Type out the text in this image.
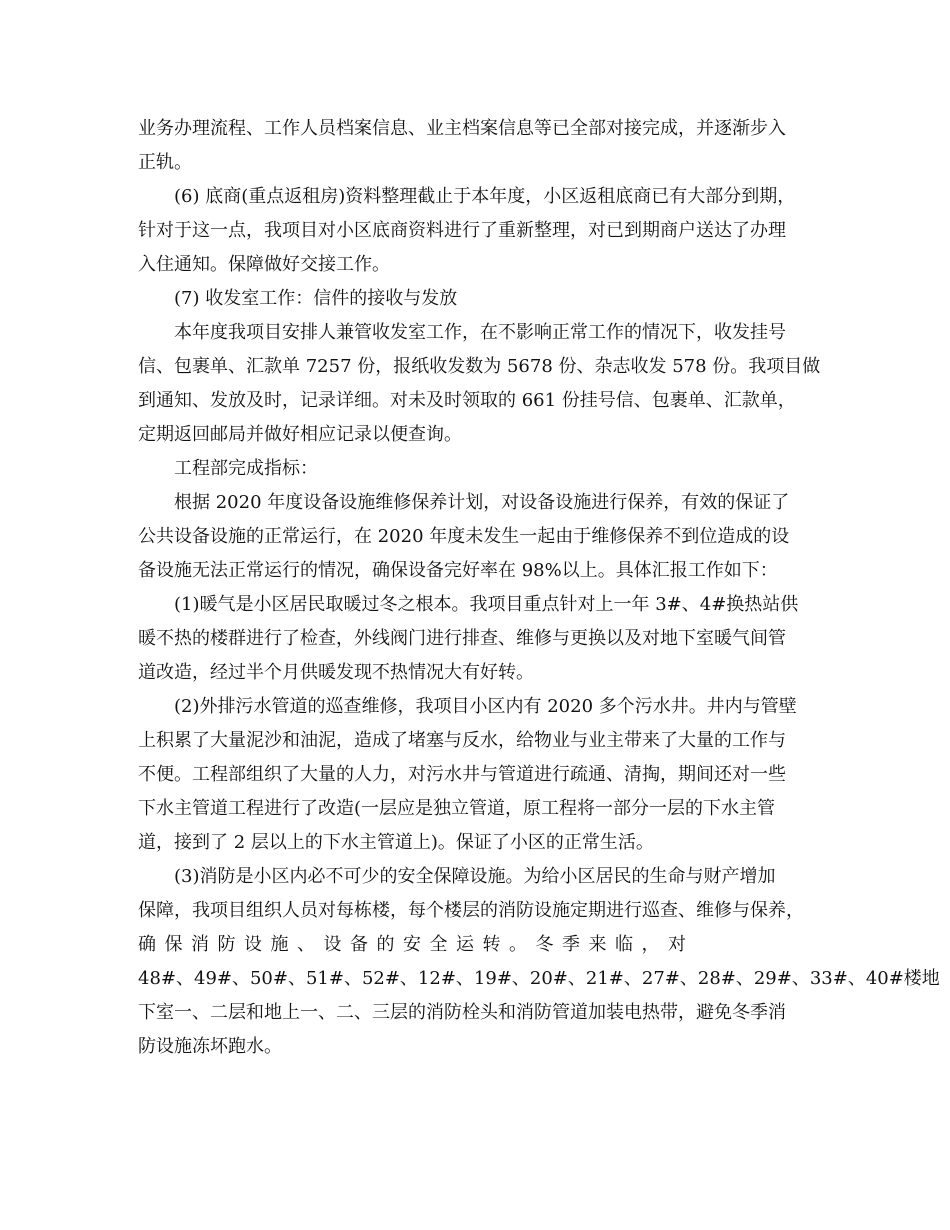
业务办理流程、工作人员档案信息、业主档案信息等已全部对接完成，并逐渐步入
正轨。
　　(6) 底商(重点返租房)资料整理截止于本年度，小区返租底商已有大部分到期，
针对于这一点，我项目对小区底商资料进行了重新整理，对已到期商户送达了办理
入住通知。保障做好交接工作。
　　(7) 收发室工作：信件的接收与发放
　　本年度我项目安排人兼管收发室工作，在不影响正常工作的情况下，收发挂号
信、包裹单、汇款单 7257 份，报纸收发数为 5678 份、杂志收发 578 份。我项目做
到通知、发放及时，记录详细。对未及时领取的 661 份挂号信、包裹单、汇款单，
定期返回邮局并做好相应记录以便查询。
　　工程部完成指标：
　　根据 2020 年度设备设施维修保养计划，对设备设施进行保养，有效的保证了
公共设备设施的正常运行，在 2020 年度未发生一起由于维修保养不到位造成的设
备设施无法正常运行的情况，确保设备完好率在 98%以上。具体汇报工作如下：
　　(1)暖气是小区居民取暖过冬之根本。我项目重点针对上一年 3#、4#换热站供
暖不热的楼群进行了检查，外线阀门进行排查、维修与更换以及对地下室暖气间管
道改造，经过半个月供暖发现不热情况大有好转。
　　(2)外排污水管道的巡查维修，我项目小区内有 2020 多个污水井。井内与管壁
上积累了大量泥沙和油泥，造成了堵塞与反水，给物业与业主带来了大量的工作与
不便。工程部组织了大量的人力，对污水井与管道进行疏通、清掏，期间还对一些
下水主管道工程进行了改造(一层应是独立管道，原工程将一部分一层的下水主管
道，接到了 2 层以上的下水主管道上)。保证了小区的正常生活。
　　(3)消防是小区内必不可少的安全保障设施。为给小区居民的生命与财产增加
保障，我项目组织人员对每栋楼，每个楼层的消防设施定期进行巡查、维修与保养，
确保消防设施、设备的安全运转。冬季来临，对
48#、49#、50#、51#、52#、12#、19#、20#、21#、27#、28#、29#、33#、40#楼地
下室一、二层和地上一、二、三层的消防栓头和消防管道加装电热带，避免冬季消
防设施冻坏跑水。
